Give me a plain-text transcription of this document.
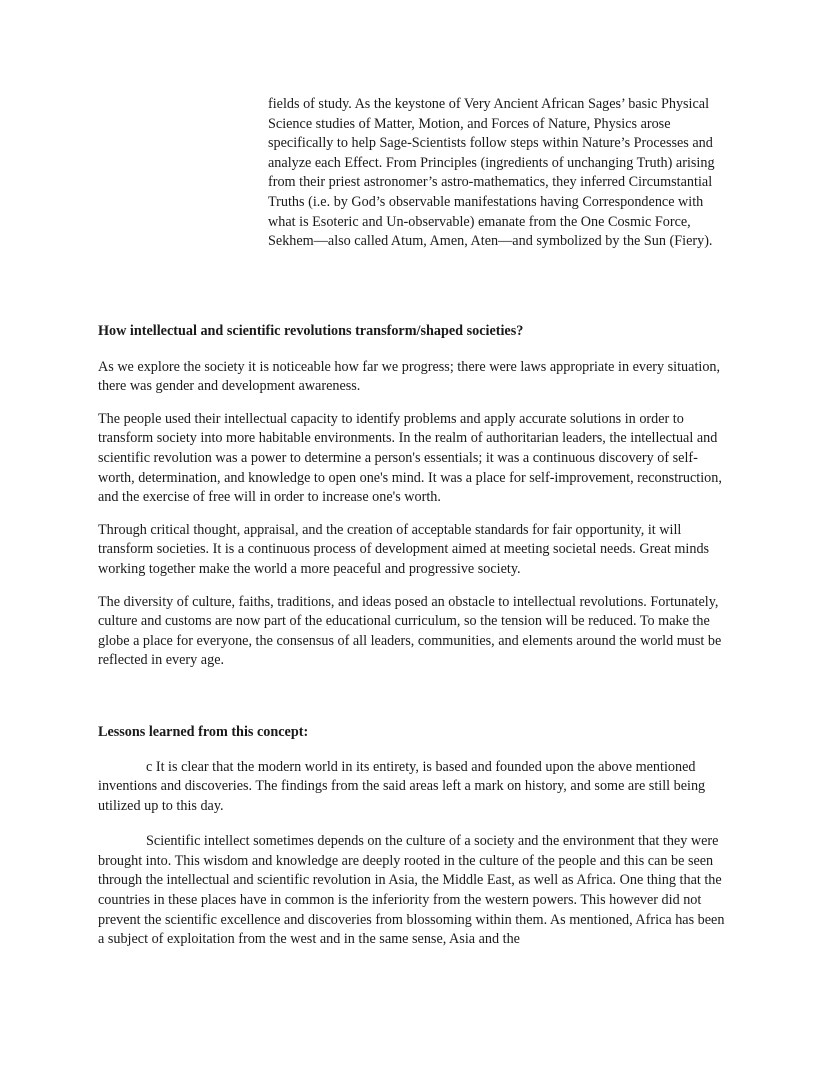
fields of study. As the keystone of Very Ancient African Sages’ basic Physical Science studies of Matter, Motion, and Forces of Nature, Physics arose specifically to help Sage-Scientists follow steps within Nature’s Processes and analyze each Effect. From Principles (ingredients of unchanging Truth) arising from their priest astronomer’s astro-mathematics, they inferred Circumstantial Truths (i.e. by God’s observable manifestations having Correspondence with what is Esoteric and Un-observable) emanate from the One Cosmic Force, Sekhem—also called Atum, Amen, Aten—and symbolized by the Sun (Fiery).

How intellectual and scientific revolutions transform/shaped societies?

As we explore the society it is noticeable how far we progress; there were laws appropriate in every situation, there was gender and development awareness.

The people used their intellectual capacity to identify problems and apply accurate solutions in order to transform society into more habitable environments. In the realm of authoritarian leaders, the intellectual and scientific revolution was a power to determine a person's essentials; it was a continuous discovery of self-worth, determination, and knowledge to open one's mind. It was a place for self-improvement, reconstruction, and the exercise of free will in order to increase one's worth.

Through critical thought, appraisal, and the creation of acceptable standards for fair opportunity, it will transform societies. It is a continuous process of development aimed at meeting societal needs. Great minds working together make the world a more peaceful and progressive society.

The diversity of culture, faiths, traditions, and ideas posed an obstacle to intellectual revolutions. Fortunately, culture and customs are now part of the educational curriculum, so the tension will be reduced. To make the globe a place for everyone, the consensus of all leaders, communities, and elements around the world must be reflected in every age.

Lessons learned from this concept:

c It is clear that the modern world in its entirety, is based and founded upon the above mentioned inventions and discoveries. The findings from the said areas left a mark on history, and some are still being utilized up to this day.

Scientific intellect sometimes depends on the culture of a society and the environment that they were brought into. This wisdom and knowledge are deeply rooted in the culture of the people and this can be seen through the intellectual and scientific revolution in Asia, the Middle East, as well as Africa. One thing that the countries in these places have in common is the inferiority from the western powers. This however did not prevent the scientific excellence and discoveries from blossoming within them. As mentioned, Africa has been a subject of exploitation from the west and in the same sense, Asia and the
